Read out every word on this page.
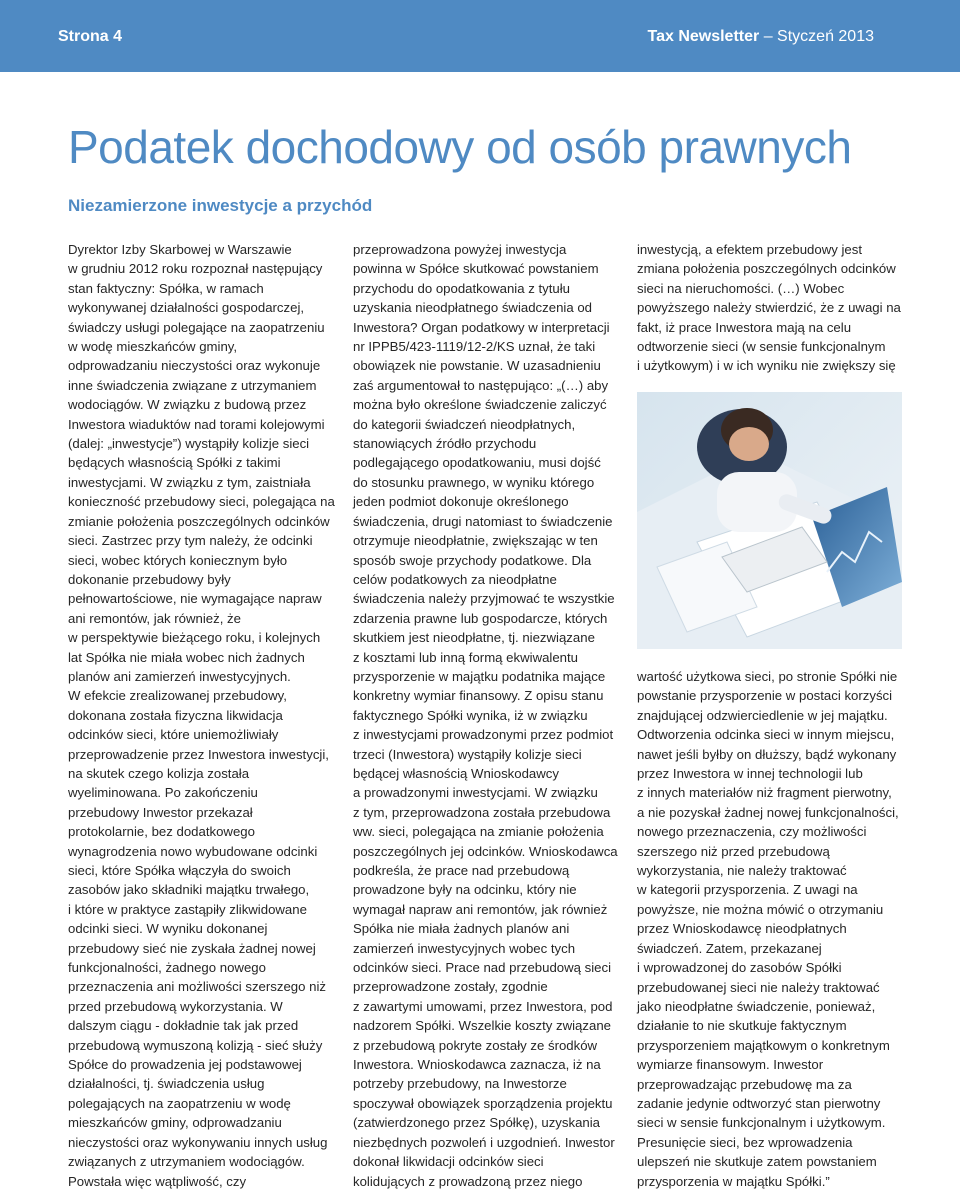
Strona 4	Tax Newsletter – Styczeń 2013
Podatek dochodowy od osób prawnych
Niezamierzone inwestycje a przychód

Dyrektor Izby Skarbowej w Warszawie
w grudniu 2012 roku rozpoznał następujący
stan faktyczny: Spółka, w ramach
wykonywanej działalności gospodarczej,
świadczy usługi polegające na zaopatrzeniu
w wodę mieszkańców gminy,
odprowadzaniu nieczystości oraz wykonuje
inne świadczenia związane z utrzymaniem
wodociągów. W związku z budową przez
Inwestora wiaduktów nad torami kolejowymi
(dalej: „inwestycje”) wystąpiły kolizje sieci
będących własnością Spółki z takimi
inwestycjami. W związku z tym, zaistniała
konieczność przebudowy sieci, polegająca na
zmianie położenia poszczególnych odcinków
sieci. Zastrzec przy tym należy, że odcinki
sieci, wobec których koniecznym było
dokonanie przebudowy były
pełnowartościowe, nie wymagające napraw
ani remontów, jak również, że
w perspektywie bieżącego roku, i kolejnych
lat Spółka nie miała wobec nich żadnych
planów ani zamierzeń inwestycyjnych.
W efekcie zrealizowanej przebudowy,
dokonana została fizyczna likwidacja
odcinków sieci, które uniemożliwiały
przeprowadzenie przez Inwestora inwestycji,
na skutek czego kolizja została
wyeliminowana. Po zakończeniu
przebudowy Inwestor przekazał
protokolarnie, bez dodatkowego
wynagrodzenia nowo wybudowane odcinki
sieci, które Spółka włączyła do swoich
zasobów jako składniki majątku trwałego,
i które w praktyce zastąpiły zlikwidowane
odcinki sieci. W wyniku dokonanej
przebudowy sieć nie zyskała żadnej nowej
funkcjonalności, żadnego nowego
przeznaczenia ani możliwości szerszego niż
przed przebudową wykorzystania. W
dalszym ciągu - dokładnie tak jak przed
przebudową wymuszoną kolizją - sieć służy
Spółce do prowadzenia jej podstawowej
działalności, tj. świadczenia usług
polegających na zaopatrzeniu w wodę
mieszkańców gminy, odprowadzaniu
nieczystości oraz wykonywaniu innych usług
związanych z utrzymaniem wodociągów.
Powstała więc wątpliwość, czy

przeprowadzona powyżej inwestycja
powinna w Spółce skutkować powstaniem
przychodu do opodatkowania z tytułu
uzyskania nieodpłatnego świadczenia od
Inwestora? Organ podatkowy w interpretacji
nr IPPB5/423-1119/12-2/KS uznał, że taki
obowiązek nie powstanie. W uzasadnieniu
zaś argumentował to następująco: „(…) aby
można było określone świadczenie zaliczyć
do kategorii świadczeń nieodpłatnych,
stanowiących źródło przychodu
podlegającego opodatkowaniu, musi dojść
do stosunku prawnego, w wyniku którego
jeden podmiot dokonuje określonego
świadczenia, drugi natomiast to świadczenie
otrzymuje nieodpłatnie, zwiększając w ten
sposób swoje przychody podatkowe. Dla
celów podatkowych za nieodpłatne
świadczenia należy przyjmować te wszystkie
zdarzenia prawne lub gospodarcze, których
skutkiem jest nieodpłatne, tj. niezwiązane
z kosztami lub inną formą ekwiwalentu
przysporzenie w majątku podatnika mające
konkretny wymiar finansowy. Z opisu stanu
faktycznego Spółki wynika, iż w związku
z inwestycjami prowadzonymi przez podmiot
trzeci (Inwestora) wystąpiły kolizje sieci
będącej własnością Wnioskodawcy
a prowadzonymi inwestycjami. W związku
z tym, przeprowadzona została przebudowa
ww. sieci, polegająca na zmianie położenia
poszczególnych jej odcinków. Wnioskodawca
podkreśla, że prace nad przebudową
prowadzone były na odcinku, który nie
wymagał napraw ani remontów, jak również
Spółka nie miała żadnych planów ani
zamierzeń inwestycyjnych wobec tych
odcinków sieci. Prace nad przebudową sieci
przeprowadzone zostały, zgodnie
z zawartymi umowami, przez Inwestora, pod
nadzorem Spółki. Wszelkie koszty związane
z przebudową pokryte zostały ze środków
Inwestora. Wnioskodawca zaznacza, iż na
potrzeby przebudowy, na Inwestorze
spoczywał obowiązek sporządzenia projektu
(zatwierdzonego przez Spółkę), uzyskania
niezbędnych pozwoleń i uzgodnień. Inwestor
dokonał likwidacji odcinków sieci
kolidujących z prowadzoną przez niego

inwestycją, a efektem przebudowy jest
zmiana położenia poszczególnych odcinków
sieci na nieruchomości. (…) Wobec
powyższego należy stwierdzić, że z uwagi na
fakt, iż prace Inwestora mają na celu
odtworzenie sieci (w sensie funkcjonalnym
i użytkowym) i w ich wyniku nie zwiększy się

wartość użytkowa sieci, po stronie Spółki nie
powstanie przysporzenie w postaci korzyści
znajdującej odzwierciedlenie w jej majątku.
Odtworzenia odcinka sieci w innym miejscu,
nawet jeśli byłby on dłuższy, bądź wykonany
przez Inwestora w innej technologii lub
z innych materiałów niż fragment pierwotny,
a nie pozyskał żadnej nowej funkcjonalności,
nowego przeznaczenia, czy możliwości
szerszego niż przed przebudową
wykorzystania, nie należy traktować
w kategorii przysporzenia. Z uwagi na
powyższe, nie można mówić o otrzymaniu
przez Wnioskodawcę nieodpłatnych
świadczeń. Zatem, przekazanej
i wprowadzonej do zasobów Spółki
przebudowanej sieci nie należy traktować
jako nieodpłatne świadczenie, ponieważ,
działanie to nie skutkuje faktycznym
przysporzeniem majątkowym o konkretnym
wymiarze finansowym. Inwestor
przeprowadzając przebudowę ma za
zadanie jedynie odtworzyć stan pierwotny
sieci w sensie funkcjonalnym i użytkowym.
Presunięcie sieci, bez wprowadzenia
ulepszeń nie skutkuje zatem powstaniem
przysporzenia w majątku Spółki.”
